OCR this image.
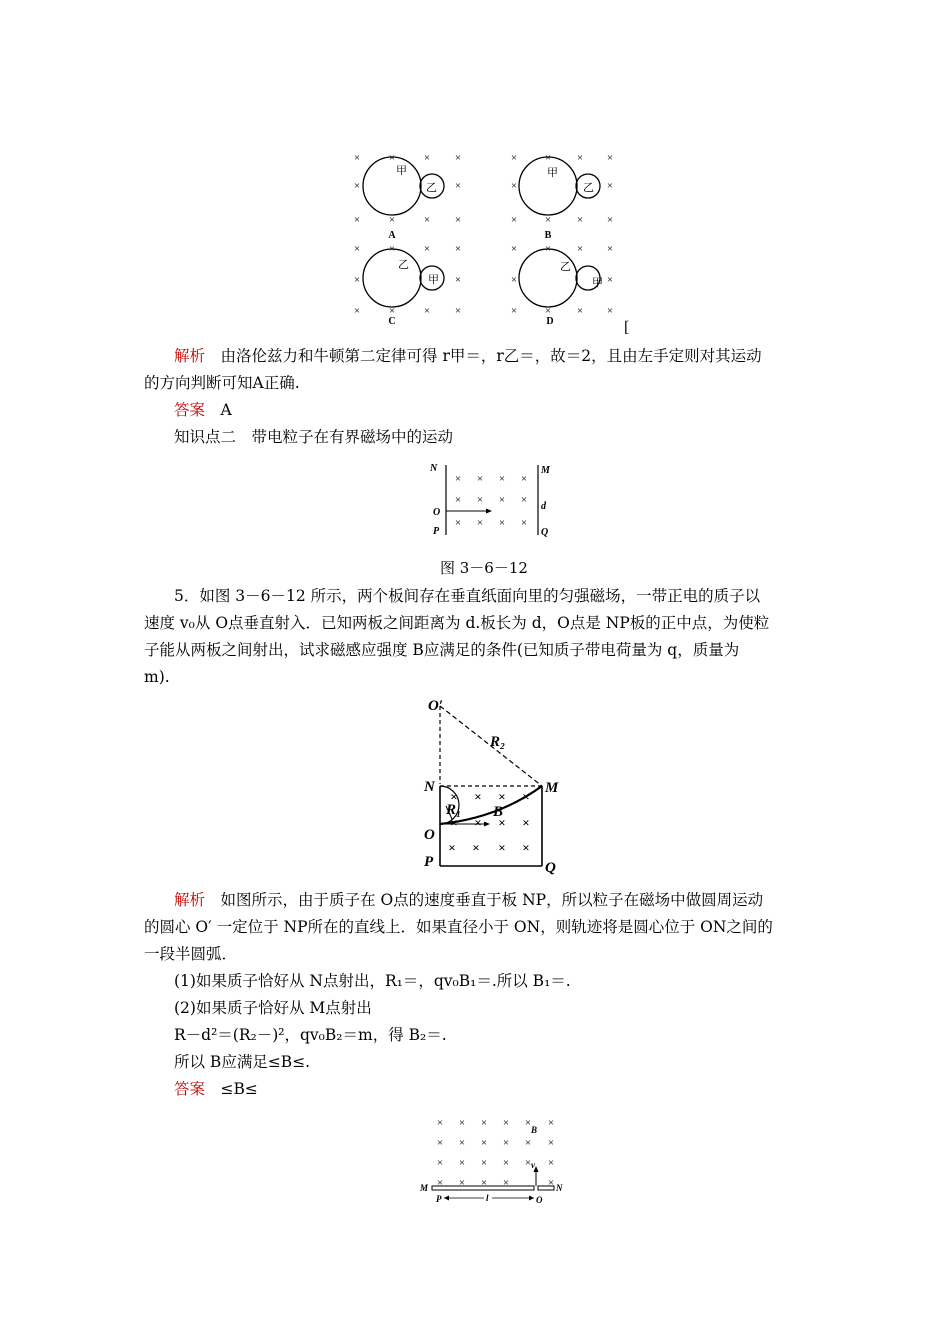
×	×	× ×	×	× × ×
×	×	×	×
×	×	× ×	×	× × ×
×	×	× ×	×	× × ×
×	×	×	×
×	×	× ×	×	× × ×
甲
乙
甲
乙
乙
甲
乙
甲
A	B
C	D	[
解析　 由洛伦兹力和牛顿第二定律可得 r甲＝，r乙＝，故＝2，且由左手定则对其运动
的方向判断可知A正确.
答案　 A
知识点二　带电粒子在有界磁场中的运动
× × × ×
× × × ×
× × × ×
N	M
O
d
P	Q
图 3－6－12
5．如图 3－6－12 所示，两个板间存在垂直纸面向里的匀强磁场，一带正电的质子以
速度 v₀从 O点垂直射入．已知两板之间距离为 d.板长为 d，O点是 NP板的正中点，为使粒
子能从两板之间射出，试求磁感应强度 B应满足的条件(已知质子带电荷量为 q，质量为
m).
× × × ×
× × × ×
× × × ×
O′
R₂
N	M
R₁ B
O
P	Q
解析　 如图所示，由于质子在 O点的速度垂直于板 NP，所以粒子在磁场中做圆周运动
的圆心 O′ 一定位于 NP所在的直线上．如果直径小于 ON，则轨迹将是圆心位于 ON之间的
一段半圆弧．
(1)如果质子恰好从 N点射出，R₁＝，qv₀B₁＝.所以 B₁＝.
(2)如果质子恰好从 M点射出
R－d²＝(R₂－)²，qv₀B₂＝m，得 B₂＝.
所以 B应满足≤B≤.
答案　 ≤B≤
× × × × × ×
× × × × × ×
× × × × × ×
× × × ×	×
B
v
M	N
P	l	O
